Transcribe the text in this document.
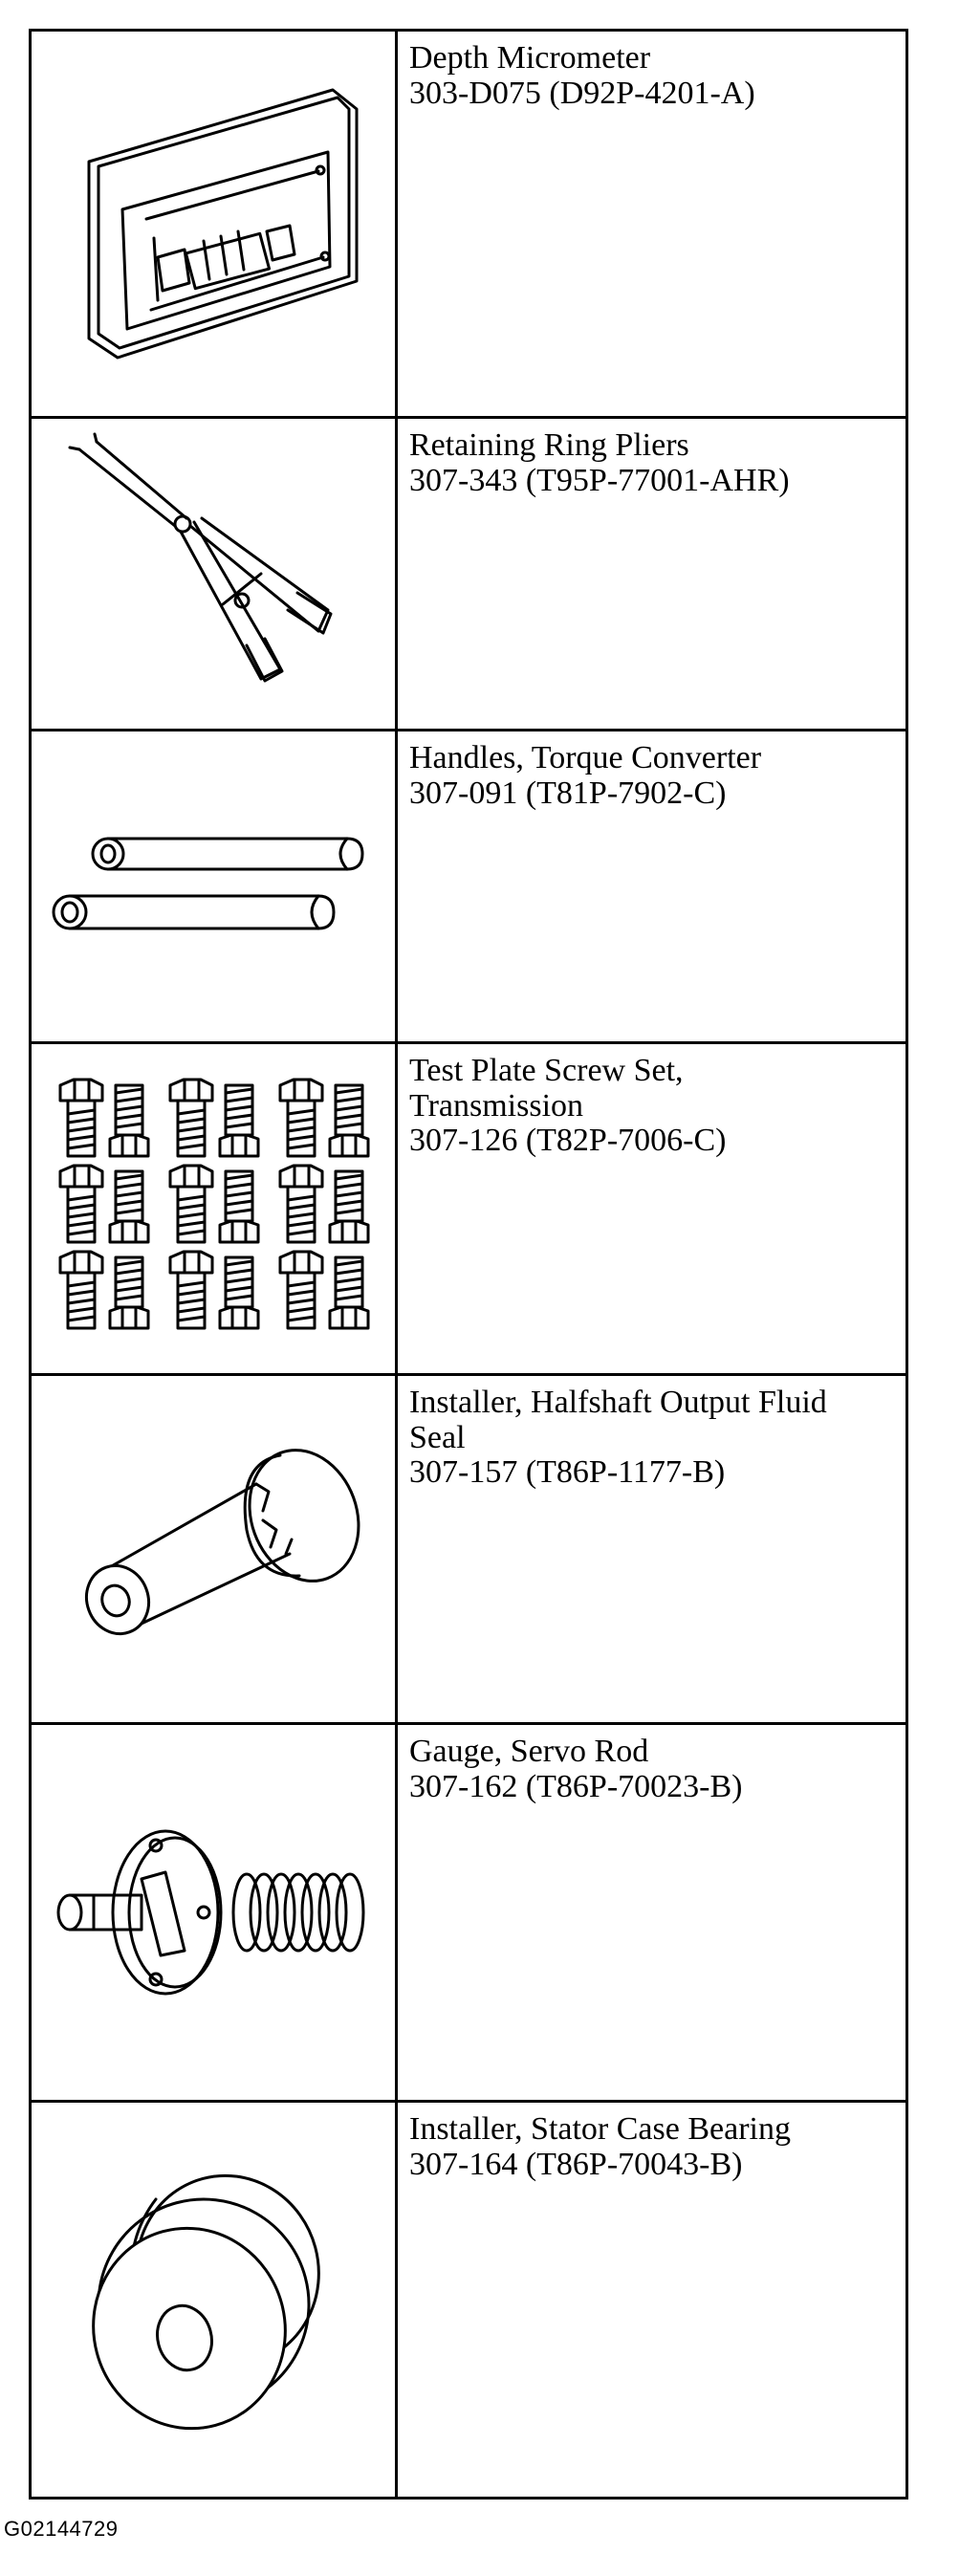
Depth Micrometer
303-D075 (D92P-4201-A)
Retaining Ring Pliers
307-343 (T95P-77001-AHR)
Handles, Torque Converter
307-091 (T81P-7902-C)
Test Plate Screw Set,
Transmission
307-126 (T82P-7006-C)
Installer, Halfshaft Output Fluid
Seal
307-157 (T86P-1177-B)
Gauge, Servo Rod
307-162 (T86P-70023-B)
Installer, Stator Case Bearing
307-164 (T86P-70043-B)
G02144729
